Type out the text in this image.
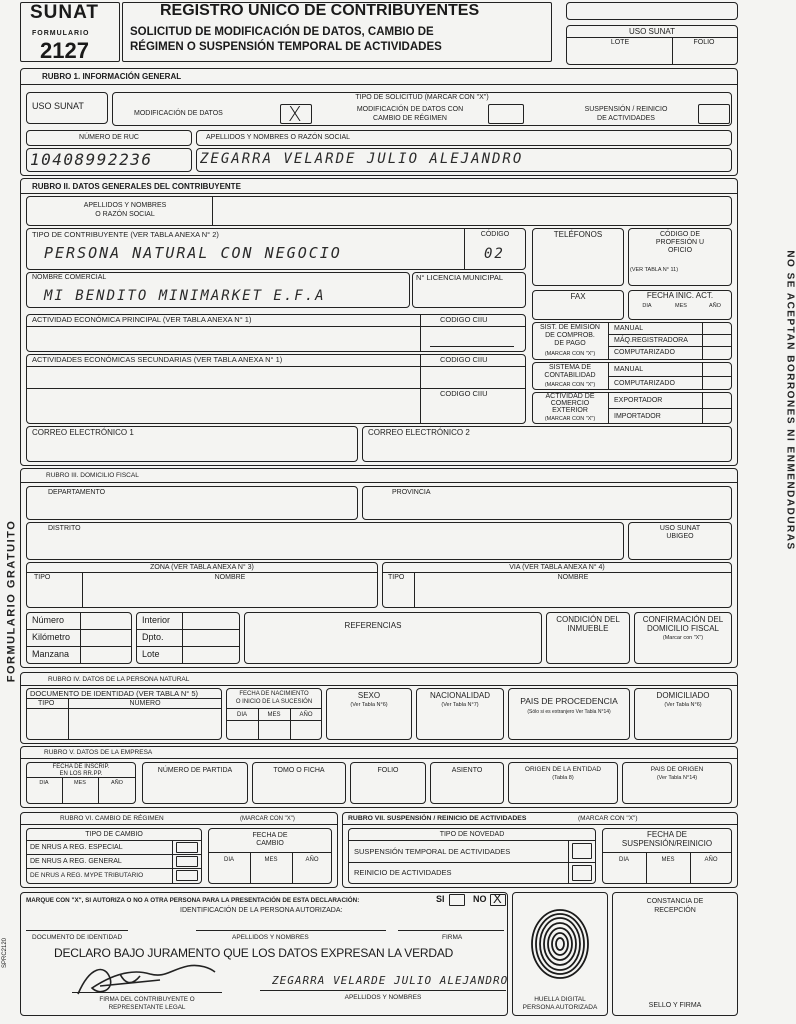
SUNAT
FORMULARIO
2127
REGISTRO UNICO DE CONTRIBUYENTES
SOLICITUD DE MODIFICACIÓN DE DATOS, CAMBIO DE
RÉGIMEN O SUSPENSIÓN TEMPORAL DE ACTIVIDADES
USO SUNAT
LOTE	FOLIO
FORMULARIO GRATUITO
NO SE ACEPTAN BORRONES NI ENMENDADURAS
SPRC2120
RUBRO 1. INFORMACIÓN GENERAL
USO SUNAT
TIPO DE SOLICITUD (MARCAR CON "X")
MODIFICACIÓN DE DATOS	X	MODIFICACIÓN DE DATOS CON
CAMBIO DE RÉGIMEN
SUSPENSIÓN / REINICIO
DE ACTIVIDADES
NÚMERO DE RUC	APELLIDOS Y NOMBRES O RAZÓN SOCIAL
10408992236	ZEGARRA VELARDE JULIO ALEJANDRO
RUBRO II. DATOS GENERALES DEL CONTRIBUYENTE
APELLIDOS Y NOMBRES
O RAZÓN SOCIAL
TIPO DE CONTRIBUYENTE (VER TABLA ANEXA N° 2)	CÓDIGO
PERSONA NATURAL CON NEGOCIO	02
TELÉFONOS	CÓDIGO DE
PROFESIÓN U
OFICIO
(VER TABLA N° 11)
NOMBRE COMERCIAL
MI BENDITO MINIMARKET E.F.A
N° LICENCIA MUNICIPAL
FAX	FECHA INIC. ACT.
DIA	MES	AÑO
ACTIVIDAD ECONÓMICA PRINCIPAL (VER TABLA ANEXA N° 1)	CODIGO CIIU
SIST. DE EMISIÓN
DE COMPROB.
DE PAGO
(MARCAR CON "X")
MANUAL
MÁQ.REGISTRADORA
COMPUTARIZADO
ACTIVIDADES ECONÓMICAS SECUNDARIAS (VER TABLA ANEXA N° 1)	CODIGO CIIU
CODIGO CIIU
SISTEMA DE
CONTABILIDAD
(MARCAR CON "X")
MANUAL
COMPUTARIZADO
ACTIVIDAD DE
COMERCIO
EXTERIOR
(MARCAR CON "X")
EXPORTADOR
IMPORTADOR
CORREO ELECTRÓNICO 1	CORREO ELECTRÓNICO 2
RUBRO III. DOMICILIO FISCAL
DEPARTAMENTO	PROVINCIA
DISTRITO	USO SUNAT
UBIGEO
ZONA (VER TABLA ANEXA N° 3)
TIPO	NOMBRE
VIA (VER TABLA ANEXA N° 4)
TIPO	NOMBRE
Número
Kilómetro
Manzana
Interior
Dpto.
Lote
REFERENCIAS
CONDICIÓN DEL
INMUEBLE
CONFIRMACIÓN DEL
DOMICILIO FISCAL
(Marcar con "X")
RUBRO IV. DATOS DE LA PERSONA NATURAL
DOCUMENTO DE IDENTIDAD (VER TABLA N° 5)
TIPO	NÚMERO
FECHA DE NACIMIENTO
O INICIO DE LA SUCESIÓN
DIA	MES	AÑO
SEXO
(Ver Tabla N°6)
NACIONALIDAD
(Ver Tabla N°7)	PAIS DE PROCEDENCIA
(Sólo si es extranjero Ver Tabla N°14)
DOMICILIADO
(Ver Tabla N°6)
RUBRO V. DATOS DE LA EMPRESA
FECHA DE INSCRIP.
EN LOS RR.PP.
DIA	MES	AÑO
NÚMERO DE PARTIDA	TOMO O FICHA	FOLIO	ASIENTO	ORIGEN DE LA ENTIDAD
(Tabla 8)
PAIS DE ORIGEN
(Ver Tabla N°14)
RUBRO VI. CAMBIO DE RÉGIMEN	(MARCAR CON "X")
TIPO DE CAMBIO
DE NRUS A REG. ESPECIAL
DE NRUS A REG. GENERAL
DE NRUS A REG. MYPE TRIBUTARIO
FECHA DE
CAMBIO
DIA	MES	AÑO
RUBRO VII. SUSPENSIÓN / REINICIO DE ACTIVIDADES	(MARCAR CON "X")
TIPO DE NOVEDAD
SUSPENSIÓN TEMPORAL DE ACTIVIDADES
REINICIO DE ACTIVIDADES
FECHA DE
SUSPENSIÓN/REINICIO
DIA	MES	AÑO
MARQUE CON "X", SI AUTORIZA O NO A OTRA PERSONA PARA LA PRESENTACIÓN DE ESTA DECLARACIÓN:
IDENTIFICACIÓN DE LA PERSONA AUTORIZADA:
SI	NO X
DOCUMENTO DE IDENTIDAD	APELLIDOS Y NOMBRES	FIRMA
DECLARO BAJO JURAMENTO QUE LOS DATOS EXPRESAN LA VERDAD
FIRMA DEL CONTRIBUYENTE O
REPRESENTANTE LEGAL
ZEGARRA VELARDE JULIO ALEJANDRO
APELLIDOS Y NOMBRES	HUELLA DIGITAL
PERSONA AUTORIZADA
CONSTANCIA DE
RECEPCIÓN
SELLO Y FIRMA
